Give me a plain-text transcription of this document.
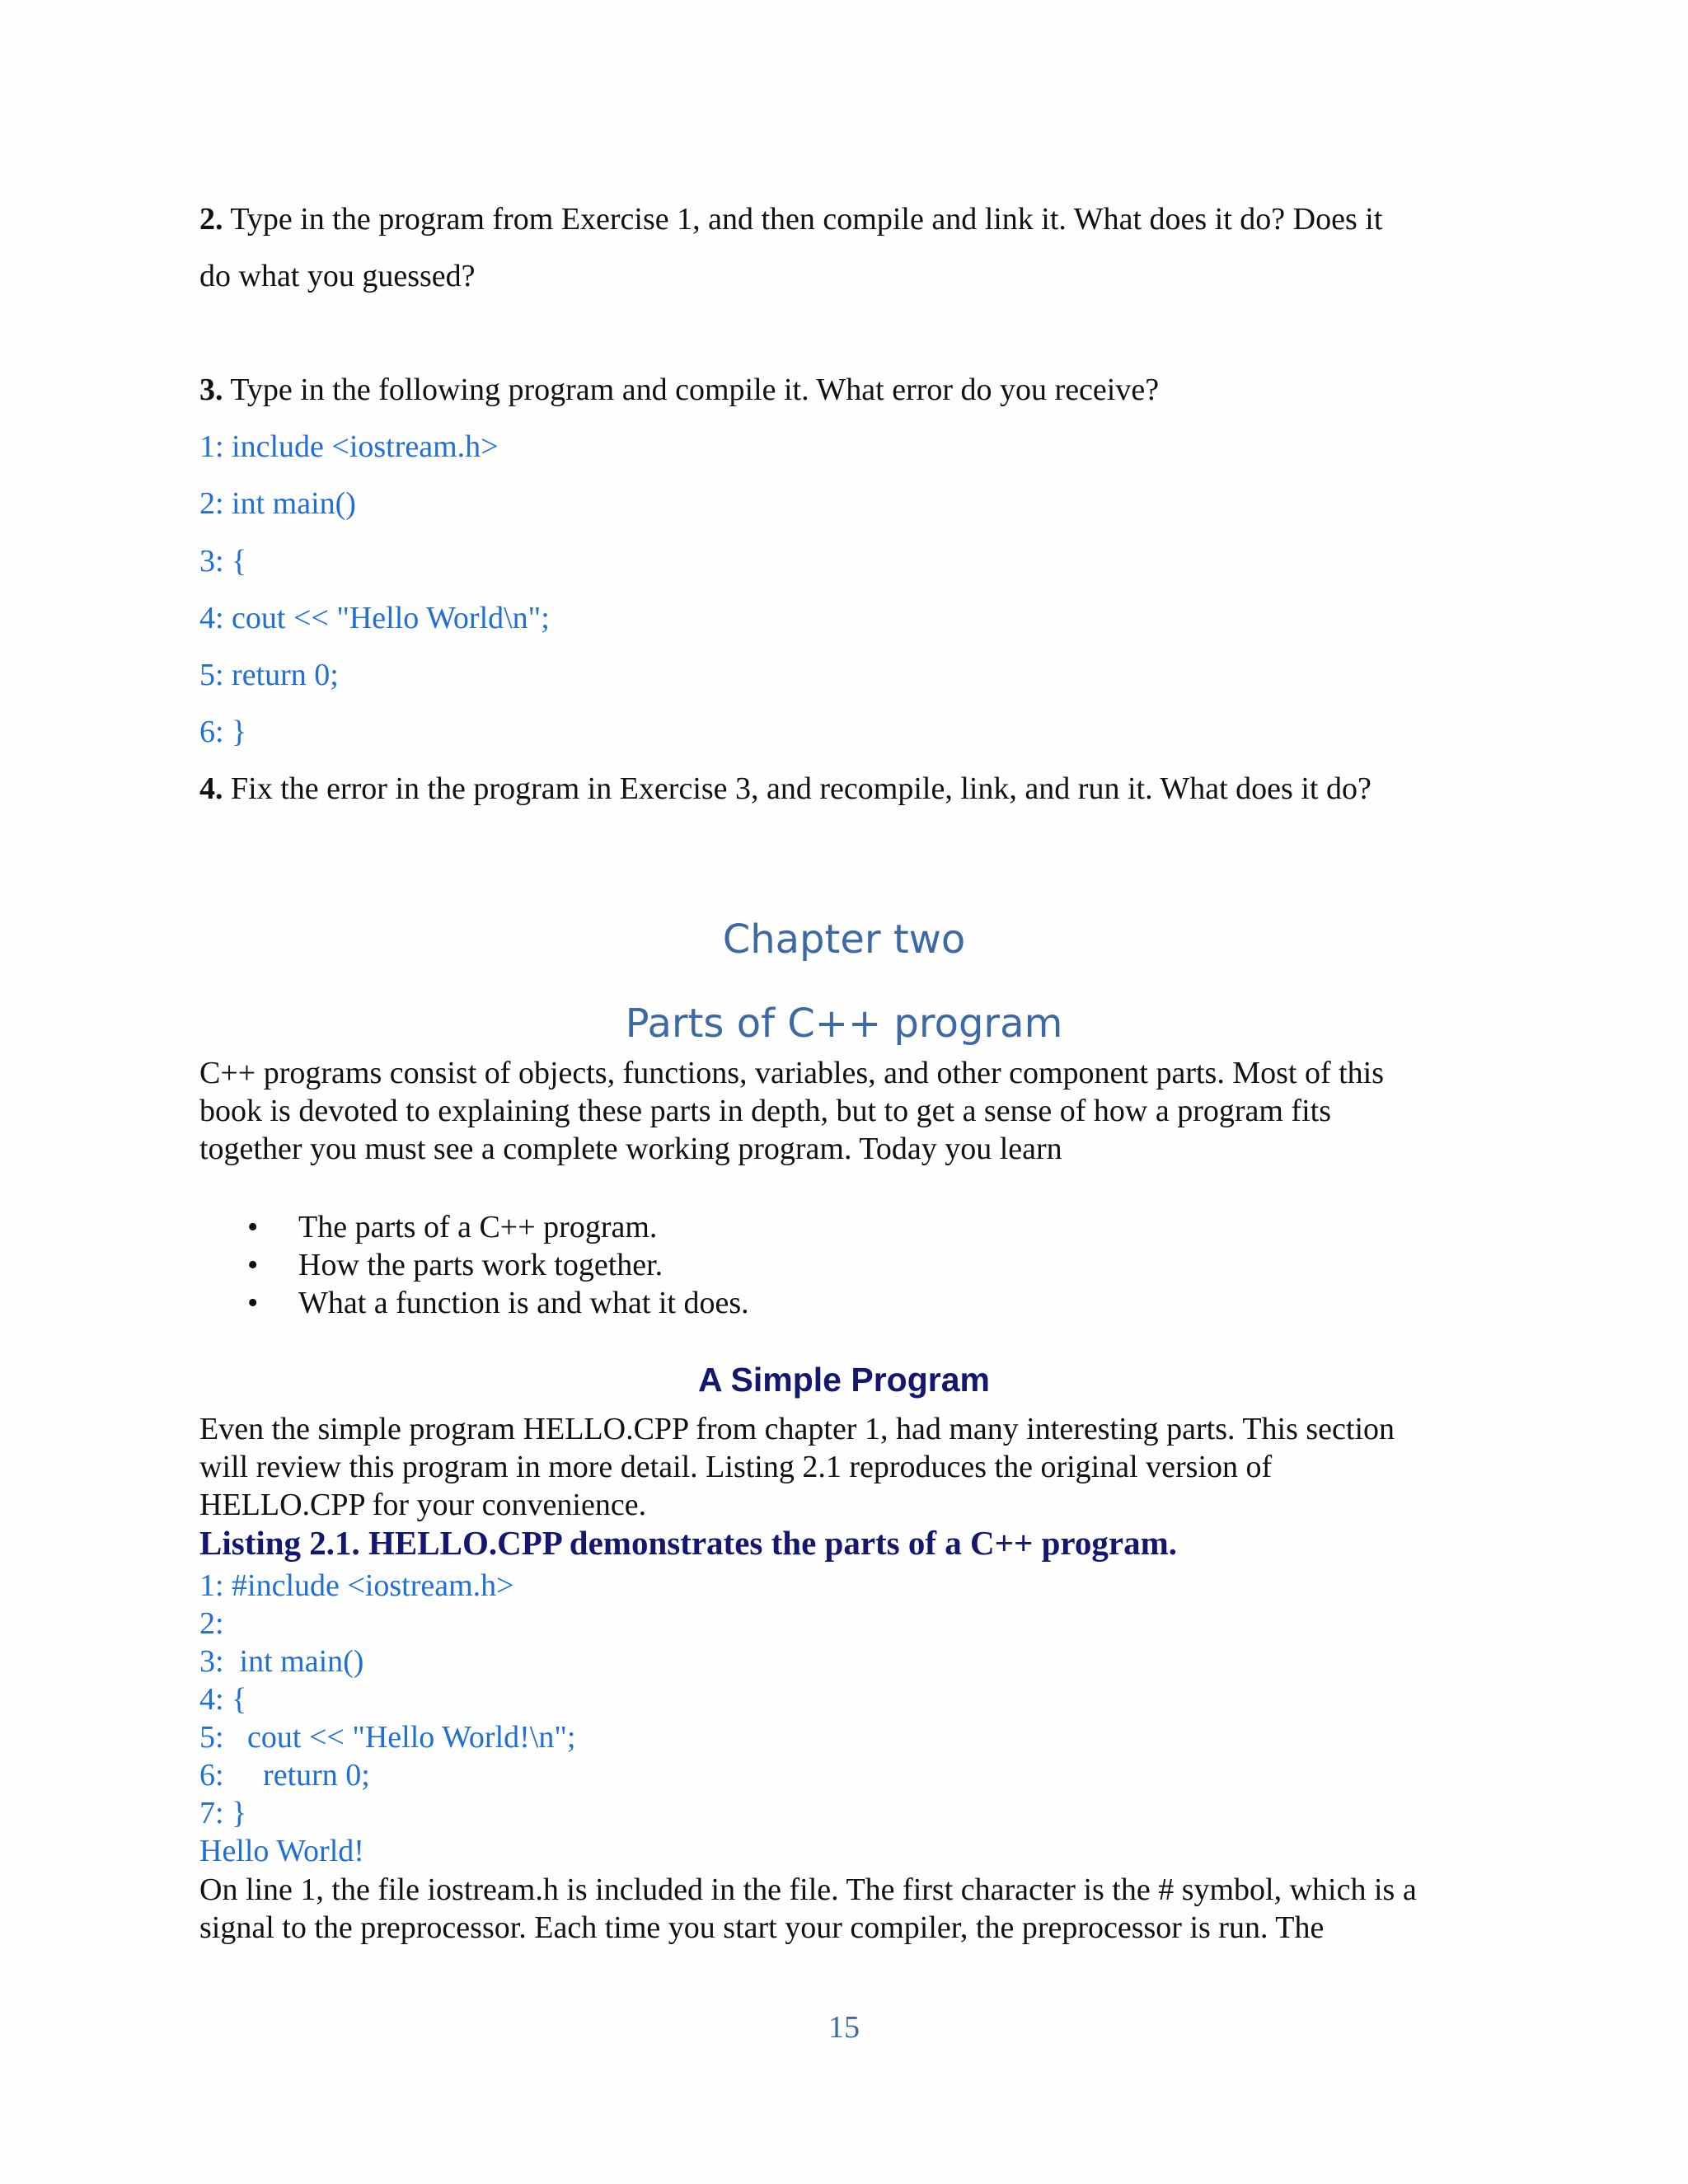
2. Type in the program from Exercise 1, and then compile and link it. What does it do? Does it
do what you guessed?
3. Type in the following program and compile it. What error do you receive?
1: include <iostream.h>
2: int main()
3: {
4: cout << "Hello World\n";
5: return 0;
6: }
4. Fix the error in the program in Exercise 3, and recompile, link, and run it. What does it do?
Chapter two
Parts of C++ program
C++ programs consist of objects, functions, variables, and other component parts. Most of this
book is devoted to explaining these parts in depth, but to get a sense of how a program fits
together you must see a complete working program. Today you learn
• The parts of a C++ program.
• How the parts work together.
• What a function is and what it does.
A Simple Program
Even the simple program HELLO.CPP from chapter 1, had many interesting parts. This section
will review this program in more detail. Listing 2.1 reproduces the original version of
HELLO.CPP for your convenience.
Listing 2.1. HELLO.CPP demonstrates the parts of a C++ program.
1: #include <iostream.h>
2:
3:  int main()
4: {
5:   cout << "Hello World!\n";
6:     return 0;
7: }
Hello World!
On line 1, the file iostream.h is included in the file. The first character is the # symbol, which is a
signal to the preprocessor. Each time you start your compiler, the preprocessor is run. The
15
